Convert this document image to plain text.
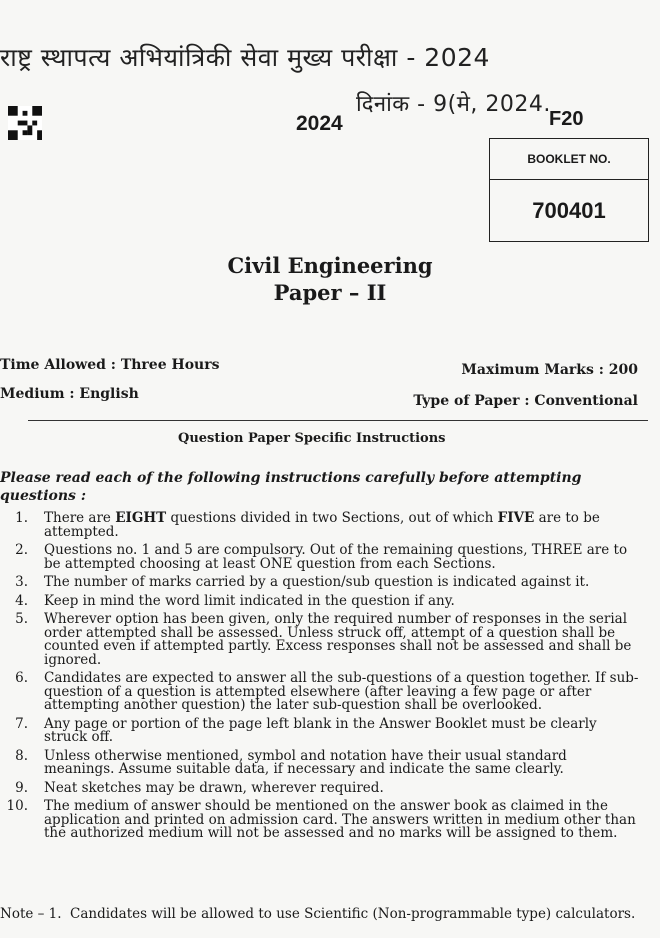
राष्ट्र स्थापत्य अभियांत्रिकी सेवा मुख्य परीक्षा - 2024
दिनांक - 9(मे, 2024.
2024	F20
BOOKLET NO.
700401
Civil Engineering
Paper – II
Time Allowed : Three Hours	Maximum Marks : 200
Medium : English	Type of Paper : Conventional
Question Paper Specific Instructions
Please read each of the following instructions carefully before attempting questions :
1. There are EIGHT questions divided in two Sections, out of which FIVE are to be attempted.
2. Questions no. 1 and 5 are compulsory. Out of the remaining questions, THREE are to be attempted choosing at least ONE question from each Sections.
3. The number of marks carried by a question/sub question is indicated against it.
4. Keep in mind the word limit indicated in the question if any.
5. Wherever option has been given, only the required number of responses in the serial order attempted shall be assessed. Unless struck off, attempt of a question shall be counted even if attempted partly. Excess responses shall not be assessed and shall be ignored.
6. Candidates are expected to answer all the sub-questions of a question together. If sub-question of a question is attempted elsewhere (after leaving a few page or after attempting another question) the later sub-question shall be overlooked.
7. Any page or portion of the page left blank in the Answer Booklet must be clearly struck off.
8. Unless otherwise mentioned, symbol and notation have their usual standard meanings. Assume suitable data, if necessary and indicate the same clearly.
9. Neat sketches may be drawn, wherever required.
10. The medium of answer should be mentioned on the answer book as claimed in the application and printed on admission card. The answers written in medium other than the authorized medium will not be assessed and no marks will be assigned to them.
Note – 1. Candidates will be allowed to use Scientific (Non-programmable type) calculators.
